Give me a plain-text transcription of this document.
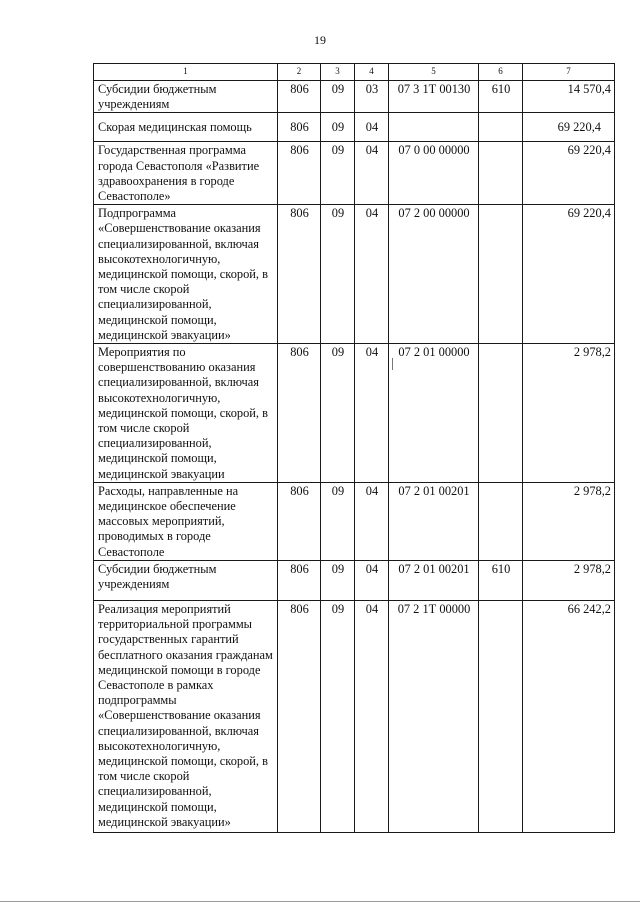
19
1	2	3	4	5	6	7
Субсидии бюджетным учреждениям	806	09	03	07 3 1Т 00130	610	14 570,4
Скорая медицинская помощь	806	09	04			69 220,4
Государственная программа города Севастополя «Развитие здравоохранения в городе Севастополе»	806	09	04	07 0 00 00000		69 220,4
Подпрограмма «Совершенствование оказания специализированной, включая высокотехнологичную, медицинской помощи, скорой, в том числе скорой специализированной, медицинской помощи, медицинской эвакуации»	806	09	04	07 2 00 00000		69 220,4
Мероприятия по совершенствованию оказания специализированной, включая высокотехнологичную, медицинской помощи, скорой, в том числе скорой специализированной, медицинской помощи, медицинской эвакуации	806	09	04	07 2 01 00000		2 978,2
Расходы, направленные на медицинское обеспечение массовых мероприятий, проводимых в городе Севастополе	806	09	04	07 2 01 00201		2 978,2
Субсидии бюджетным учреждениям	806	09	04	07 2 01 00201	610	2 978,2
Реализация мероприятий территориальной программы государственных гарантий бесплатного оказания гражданам медицинской помощи в городе Севастополе в рамках подпрограммы «Совершенствование оказания специализированной, включая высокотехнологичную, медицинской помощи, скорой, в том числе скорой специализированной, медицинской помощи, медицинской эвакуации»	806	09	04	07 2 1Т 00000		66 242,2
